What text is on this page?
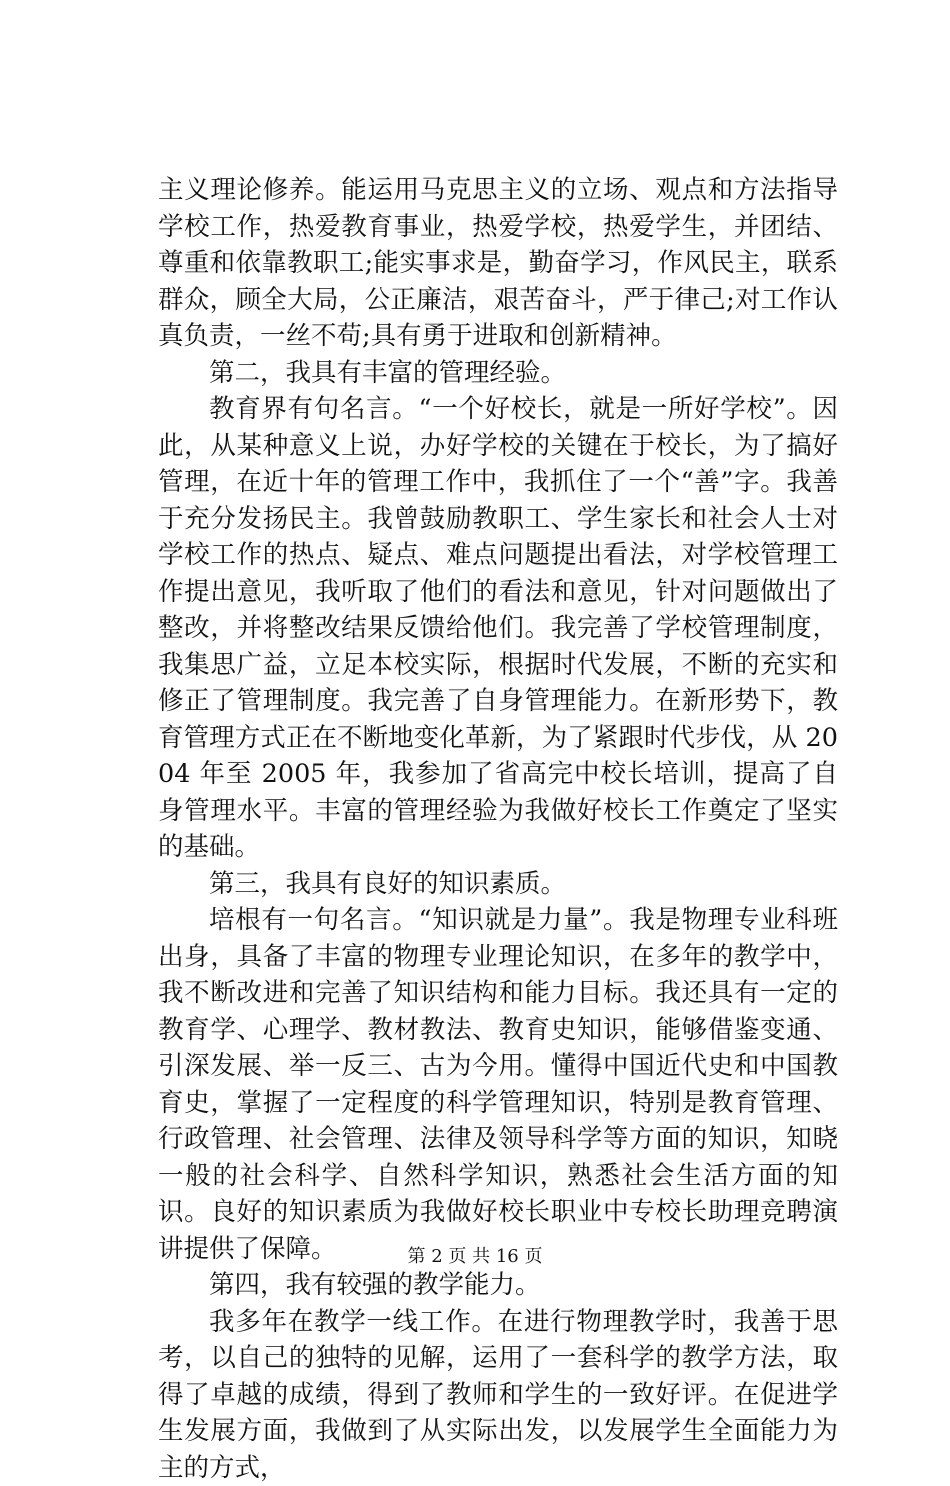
主义理论修养。能运用马克思主义的立场、观点和方法指导学校工作，热爱教育事业，热爱学校，热爱学生，并团结、尊重和依靠教职工;能实事求是，勤奋学习，作风民主，联系群众，顾全大局，公正廉洁，艰苦奋斗，严于律己;对工作认真负责，一丝不苟;具有勇于进取和创新精神。

第二，我具有丰富的管理经验。

教育界有句名言。“一个好校长，就是一所好学校”。因此，从某种意义上说，办好学校的关键在于校长，为了搞好管理，在近十年的管理工作中，我抓住了一个“善”字。我善于充分发扬民主。我曾鼓励教职工、学生家长和社会人士对学校工作的热点、疑点、难点问题提出看法，对学校管理工作提出意见，我听取了他们的看法和意见，针对问题做出了整改，并将整改结果反馈给他们。我完善了学校管理制度，我集思广益，立足本校实际，根据时代发展，不断的充实和修正了管理制度。我完善了自身管理能力。在新形势下，教育管理方式正在不断地变化革新，为了紧跟时代步伐，从 2004 年至 2005 年，我参加了省高完中校长培训，提高了自身管理水平。丰富的管理经验为我做好校长工作奠定了坚实的基础。

第三，我具有良好的知识素质。

培根有一句名言。“知识就是力量”。我是物理专业科班出身，具备了丰富的物理专业理论知识，在多年的教学中，我不断改进和完善了知识结构和能力目标。我还具有一定的教育学、心理学、教材教法、教育史知识，能够借鉴变通、引深发展、举一反三、古为今用。懂得中国近代史和中国教育史，掌握了一定程度的科学管理知识，特别是教育管理、行政管理、社会管理、法律及领导科学等方面的知识，知晓一般的社会科学、自然科学知识，熟悉社会生活方面的知识。良好的知识素质为我做好校长职业中专校长助理竞聘演讲提供了保障。

第四，我有较强的教学能力。

我多年在教学一线工作。在进行物理教学时，我善于思考，以自己的独特的见解，运用了一套科学的教学方法，取得了卓越的成绩，得到了教师和学生的一致好评。在促进学生发展方面，我做到了从实际出发，以发展学生全面能力为主的方式，

第 2 页 共 16 页
